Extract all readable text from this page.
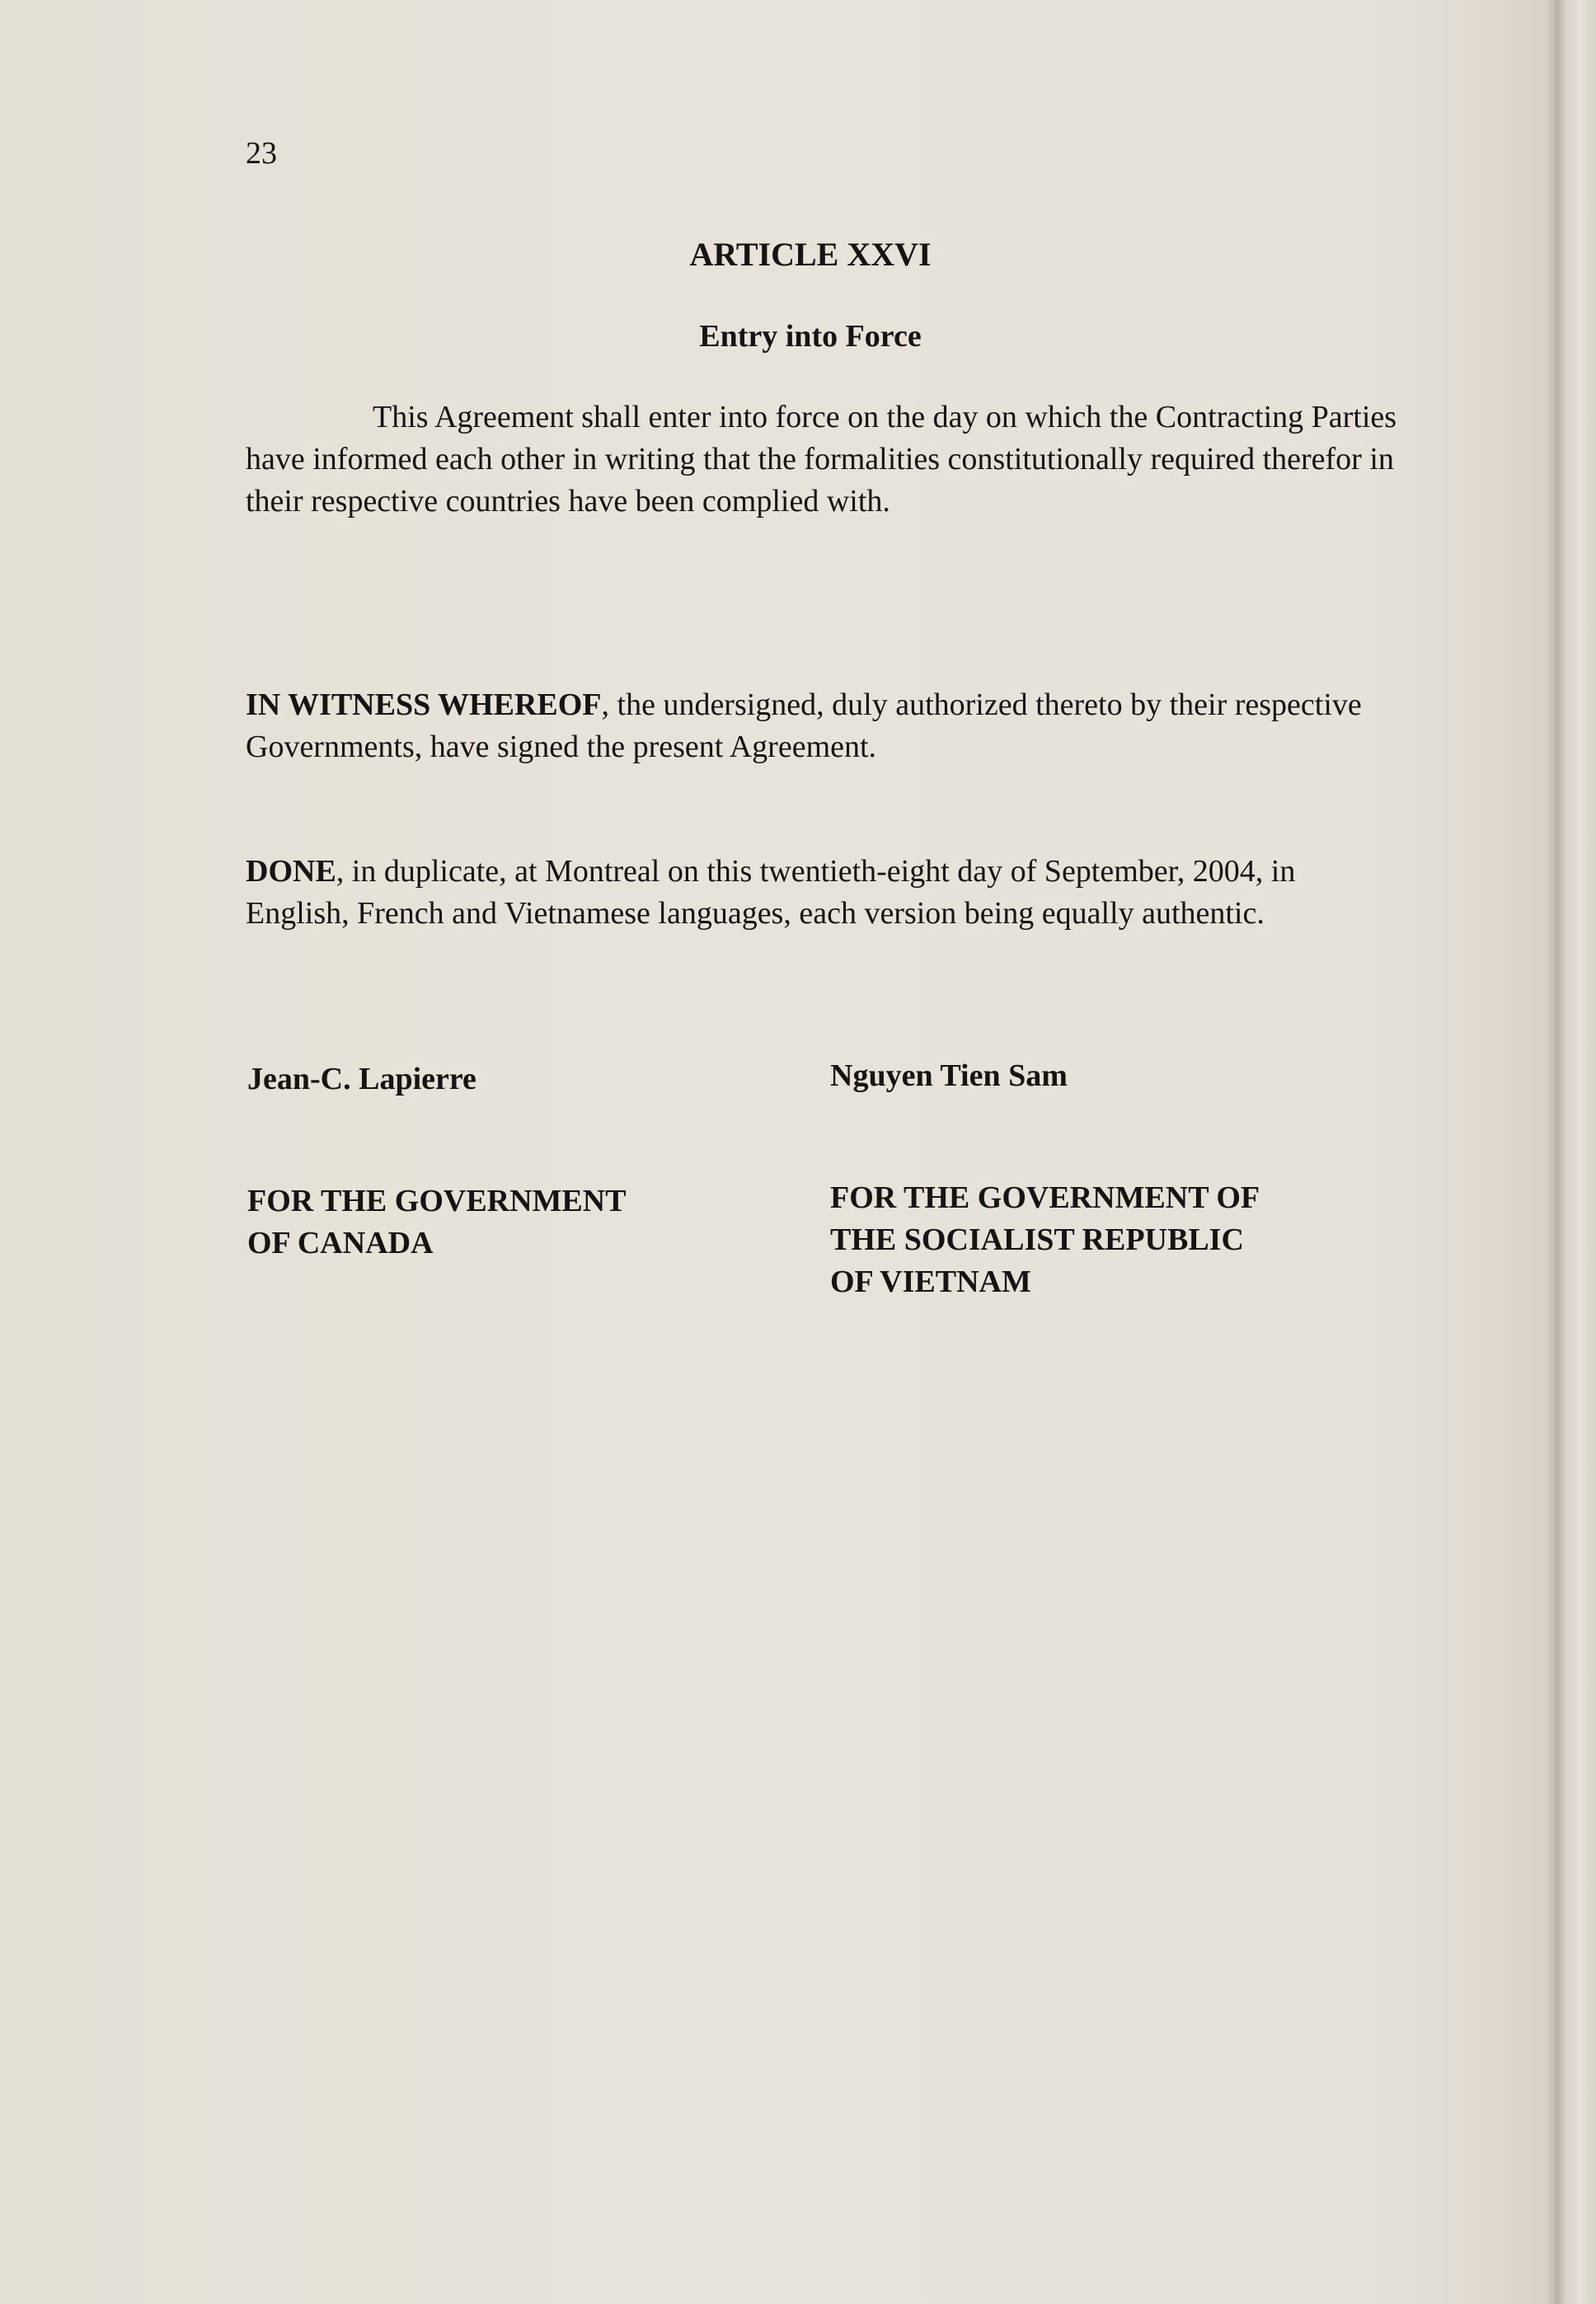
23
ARTICLE XXVI
Entry into Force

This Agreement shall enter into force on the day on which the Contracting Parties have informed each other in writing that the formalities constitutionally required therefor in their respective countries have been complied with.

IN WITNESS WHEREOF, the undersigned, duly authorized thereto by their respective Governments, have signed the present Agreement.

DONE, in duplicate, at Montreal on this twentieth-eight day of September, 2004, in English, French and Vietnamese languages, each version being equally authentic.

Jean-C. Lapierre	Nguyen Tien Sam
FOR THE GOVERNMENT
OF CANADA
FOR THE GOVERNMENT OF
THE SOCIALIST REPUBLIC
OF VIETNAM
